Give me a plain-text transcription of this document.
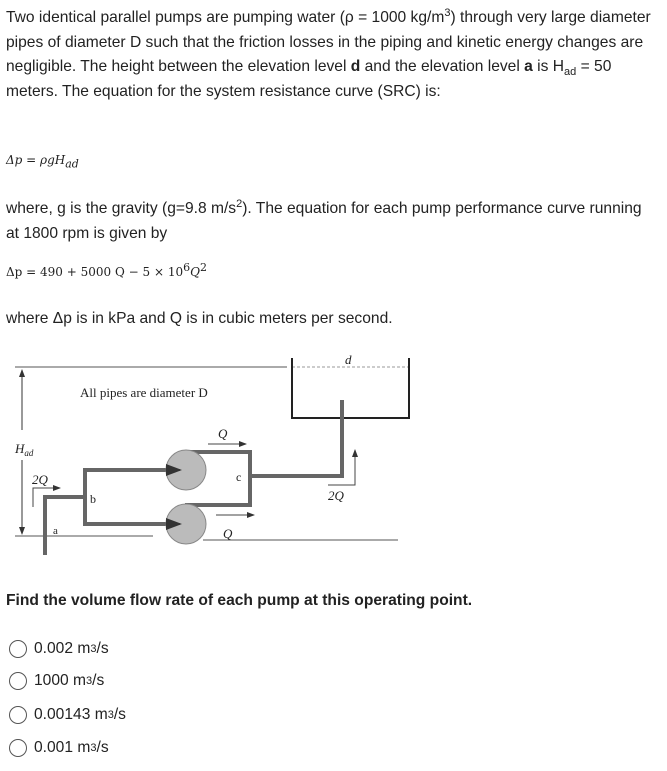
Two identical parallel pumps are pumping water (ρ = 1000 $kg/m^3$) through very large diameter pipes of diameter D such that the friction losses in the piping and kinetic energy changes are negligible. The height between the elevation level d and the elevation level a is $H_{ad} = 50$ meters. The equation for the system resistance curve (SRC) is:
Δp = ρgH$_{ad}$
where, g is the gravity (g=9.8 $m/s^2$). The equation for each pump performance curve running at 1800 rpm is given by
Δp = 490 + 5000 $Q - 5 \times 10^6Q^2$
where Δp is in kPa and Q is in cubic meters per second.
All pipes are diameter D
$H_{ad}$
d
a
b
c
Q
Q
2Q
2Q
Find the volume flow rate of each pump at this operating point.
0.002 m 3 /s
1000 m 3 /s
0.00143 m 3 /s
0.001 m 3 /s
